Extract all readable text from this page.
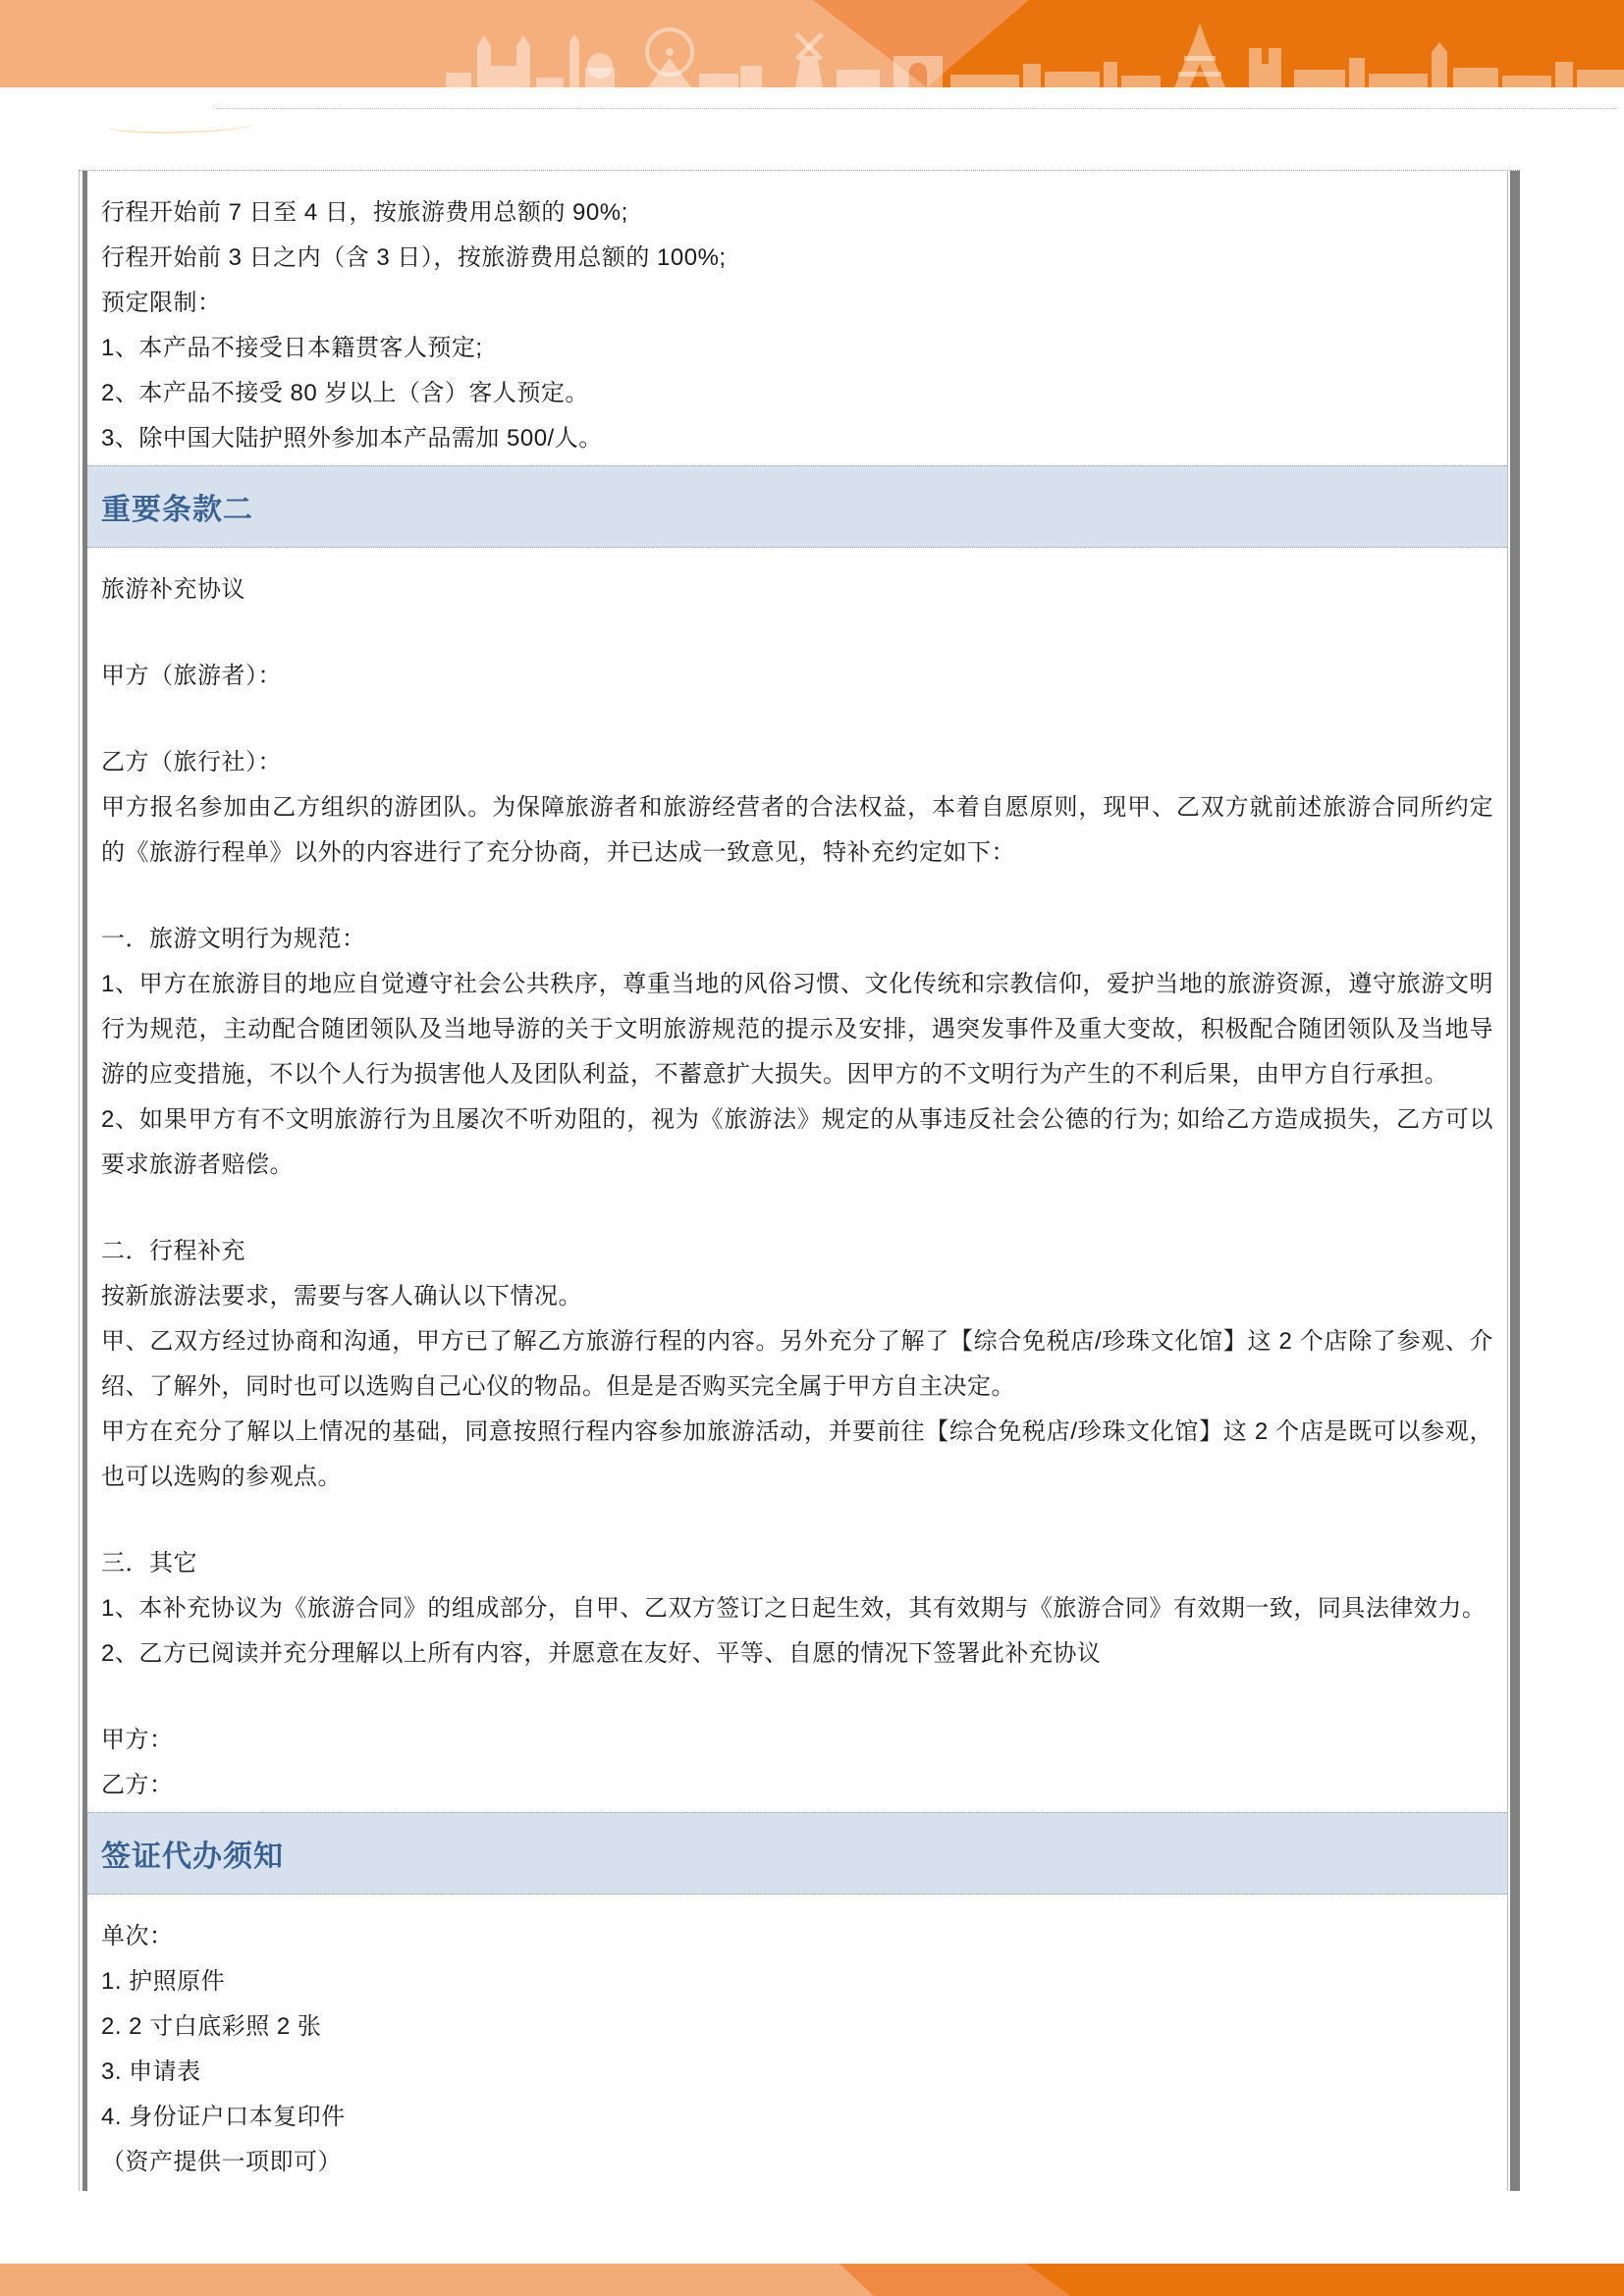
行程开始前 7 日至 4 日，按旅游费用总额的 90%;

行程开始前 3 日之内（含 3 日），按旅游费用总额的 100%;

预定限制：

1、本产品不接受日本籍贯客人预定;

2、本产品不接受 80 岁以上（含）客人预定。

3、除中国大陆护照外参加本产品需加 500/人。

重要条款二

旅游补充协议

甲方（旅游者）：

乙方（旅行社）：

甲方报名参加由乙方组织的游团队。为保障旅游者和旅游经营者的合法权益，本着自愿原则，现甲、乙双方就前述旅游合同所约定的《旅游行程单》以外的内容进行了充分协商，并已达成一致意见，特补充约定如下：

一．旅游文明行为规范：

1、甲方在旅游目的地应自觉遵守社会公共秩序，尊重当地的风俗习惯、文化传统和宗教信仰，爱护当地的旅游资源，遵守旅游文明行为规范，主动配合随团领队及当地导游的关于文明旅游规范的提示及安排，遇突发事件及重大变故，积极配合随团领队及当地导游的应变措施，不以个人行为损害他人及团队利益，不蓄意扩大损失。因甲方的不文明行为产生的不利后果，由甲方自行承担。

2、如果甲方有不文明旅游行为且屡次不听劝阻的，视为《旅游法》规定的从事违反社会公德的行为; 如给乙方造成损失，乙方可以要求旅游者赔偿。

二．行程补充

按新旅游法要求，需要与客人确认以下情况。

甲、乙双方经过协商和沟通，甲方已了解乙方旅游行程的内容。另外充分了解了【综合免税店/珍珠文化馆】这 2 个店除了参观、介绍、了解外，同时也可以选购自己心仪的物品。但是是否购买完全属于甲方自主决定。

甲方在充分了解以上情况的基础，同意按照行程内容参加旅游活动，并要前往【综合免税店/珍珠文化馆】这 2 个店是既可以参观，也可以选购的参观点。

三．其它

1、本补充协议为《旅游合同》的组成部分，自甲、乙双方签订之日起生效，其有效期与《旅游合同》有效期一致，同具法律效力。

2、乙方已阅读并充分理解以上所有内容，并愿意在友好、平等、自愿的情况下签署此补充协议

甲方：

乙方：

签证代办须知

单次：

1. 护照原件

2. 2 寸白底彩照 2 张

3. 申请表

4. 身份证户口本复印件

（资产提供一项即可）
